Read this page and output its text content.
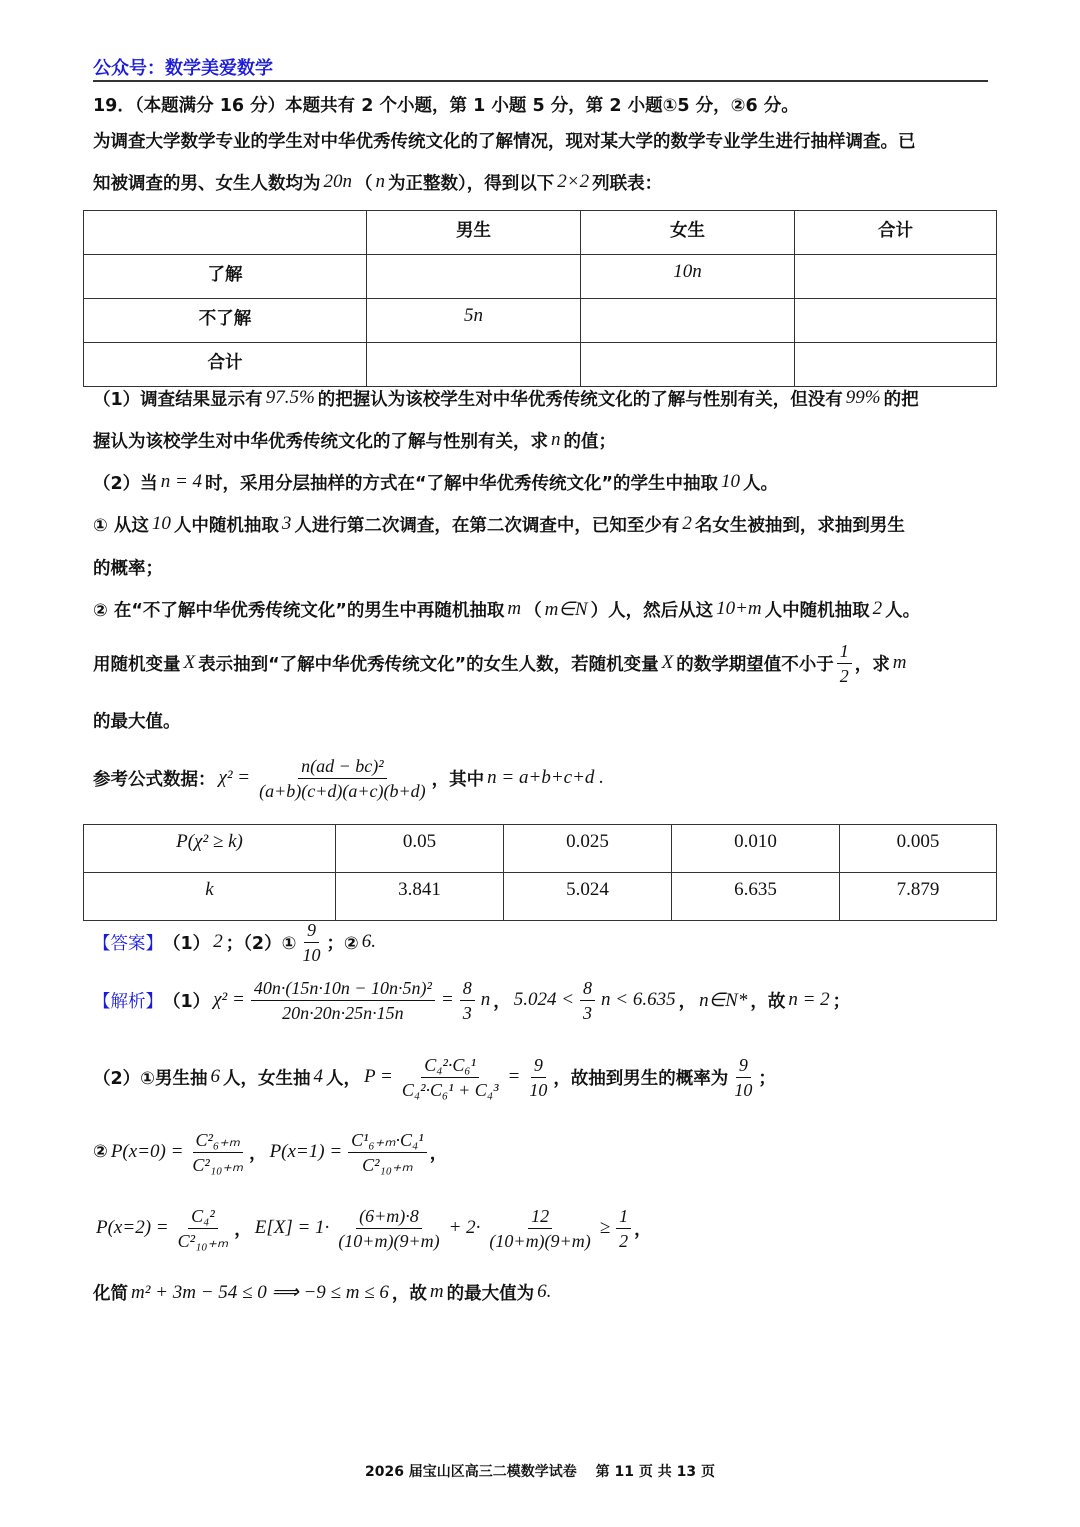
公众号：数学美爱数学
19．（本题满分 16 分）本题共有 2 个小题，第 1 小题 5 分，第 2 小题①5 分，②6 分。
为调查大学数学专业的学生对中华优秀传统文化的了解情况，现对某大学的数学专业学生进行抽样调查。已
知被调查的男、女生人数均为 20n （ n 为正整数），得到以下 2×2 列联表：
（1）调查结果显示有 97.5% 的把握认为该校学生对中华优秀传统文化的了解与性别有关，但没有 99% 的把
握认为该校学生对中华优秀传统文化的了解与性别有关，求 n 的值；
（2）当 n = 4 时，采用分层抽样的方式在“了解中华优秀传统文化”的学生中抽取 10 人。
① 从这 10 人中随机抽取 3 人进行第二次调查，在第二次调查中，已知至少有 2 名女生被抽到，求抽到男生
的概率；
② 在“不了解中华优秀传统文化”的男生中再随机抽取 m （ m∈N ）人，然后从这 10+m 人中随机抽取 2 人。
用随机变量 X 表示抽到“了解中华优秀传统文化”的女生人数，若随机变量 X 的数学期望值不小于 $\frac{1}{2}$ ，求 m
的最大值。
参考公式数据： $\chi^2 = \frac{\text{n(ad − bc)²}}{(a+b)(c+d)(a+c)(b+d)}$ ，其中 n = a+b+c+d .
【答案】 （1） 2 ；（2）① $\frac{9}{10}$ ；② 6.
【解析】 （1） $\chi^2 = \frac{\text{40n·(15n·10n − 10n·5n)²}}{20n\cdot 20n\cdot 25n\cdot 15n} = \frac{8}{3}$ n ， $5.024 < \frac{8}{3}$ n < 6.635 ， n∈N* ，故 n = 2 ；
（2）①男生抽 6 人，女生抽 4 人， $P = \frac{\text{C₄²·C₆¹}}{\text{C₄²·C₆¹ + C₄³}} = \frac{9}{10}$ ，故抽到男生的概率为 $\frac{9}{10}$ ；
② $P(x=0) = \frac{\text{C²₆₊ₘ}}{\text{C²₁₀₊ₘ}}$ ， $P(x=1) = \frac{\text{C¹₆₊ₘ·C₄¹}}{\text{C²₁₀₊ₘ}}$ ，
$P(x=2) = \frac{\text{C₄²}}{\text{C²₁₀₊ₘ}}$ ， $E[X] = 1\cdot \frac{(6+m)\cdot 8}{(10+m)(9+m)} + 2\cdot \frac{12}{(10+m)(9+m)} \ge \frac{1}{2}$ ，
化简 m² + 3m − 54 ≤ 0 ⟹ −9 ≤ m ≤ 6 ，故 m 的最大值为 6.
	男生	女生	合计
了解		10n	
不了解	5n		
合计			
P(χ² ≥ k)	0.05	0.025	0.010	0.005
k	3.841	5.024	6.635	7.879
2026 届宝山区高三二模数学试卷　 第 11 页 共 13 页
